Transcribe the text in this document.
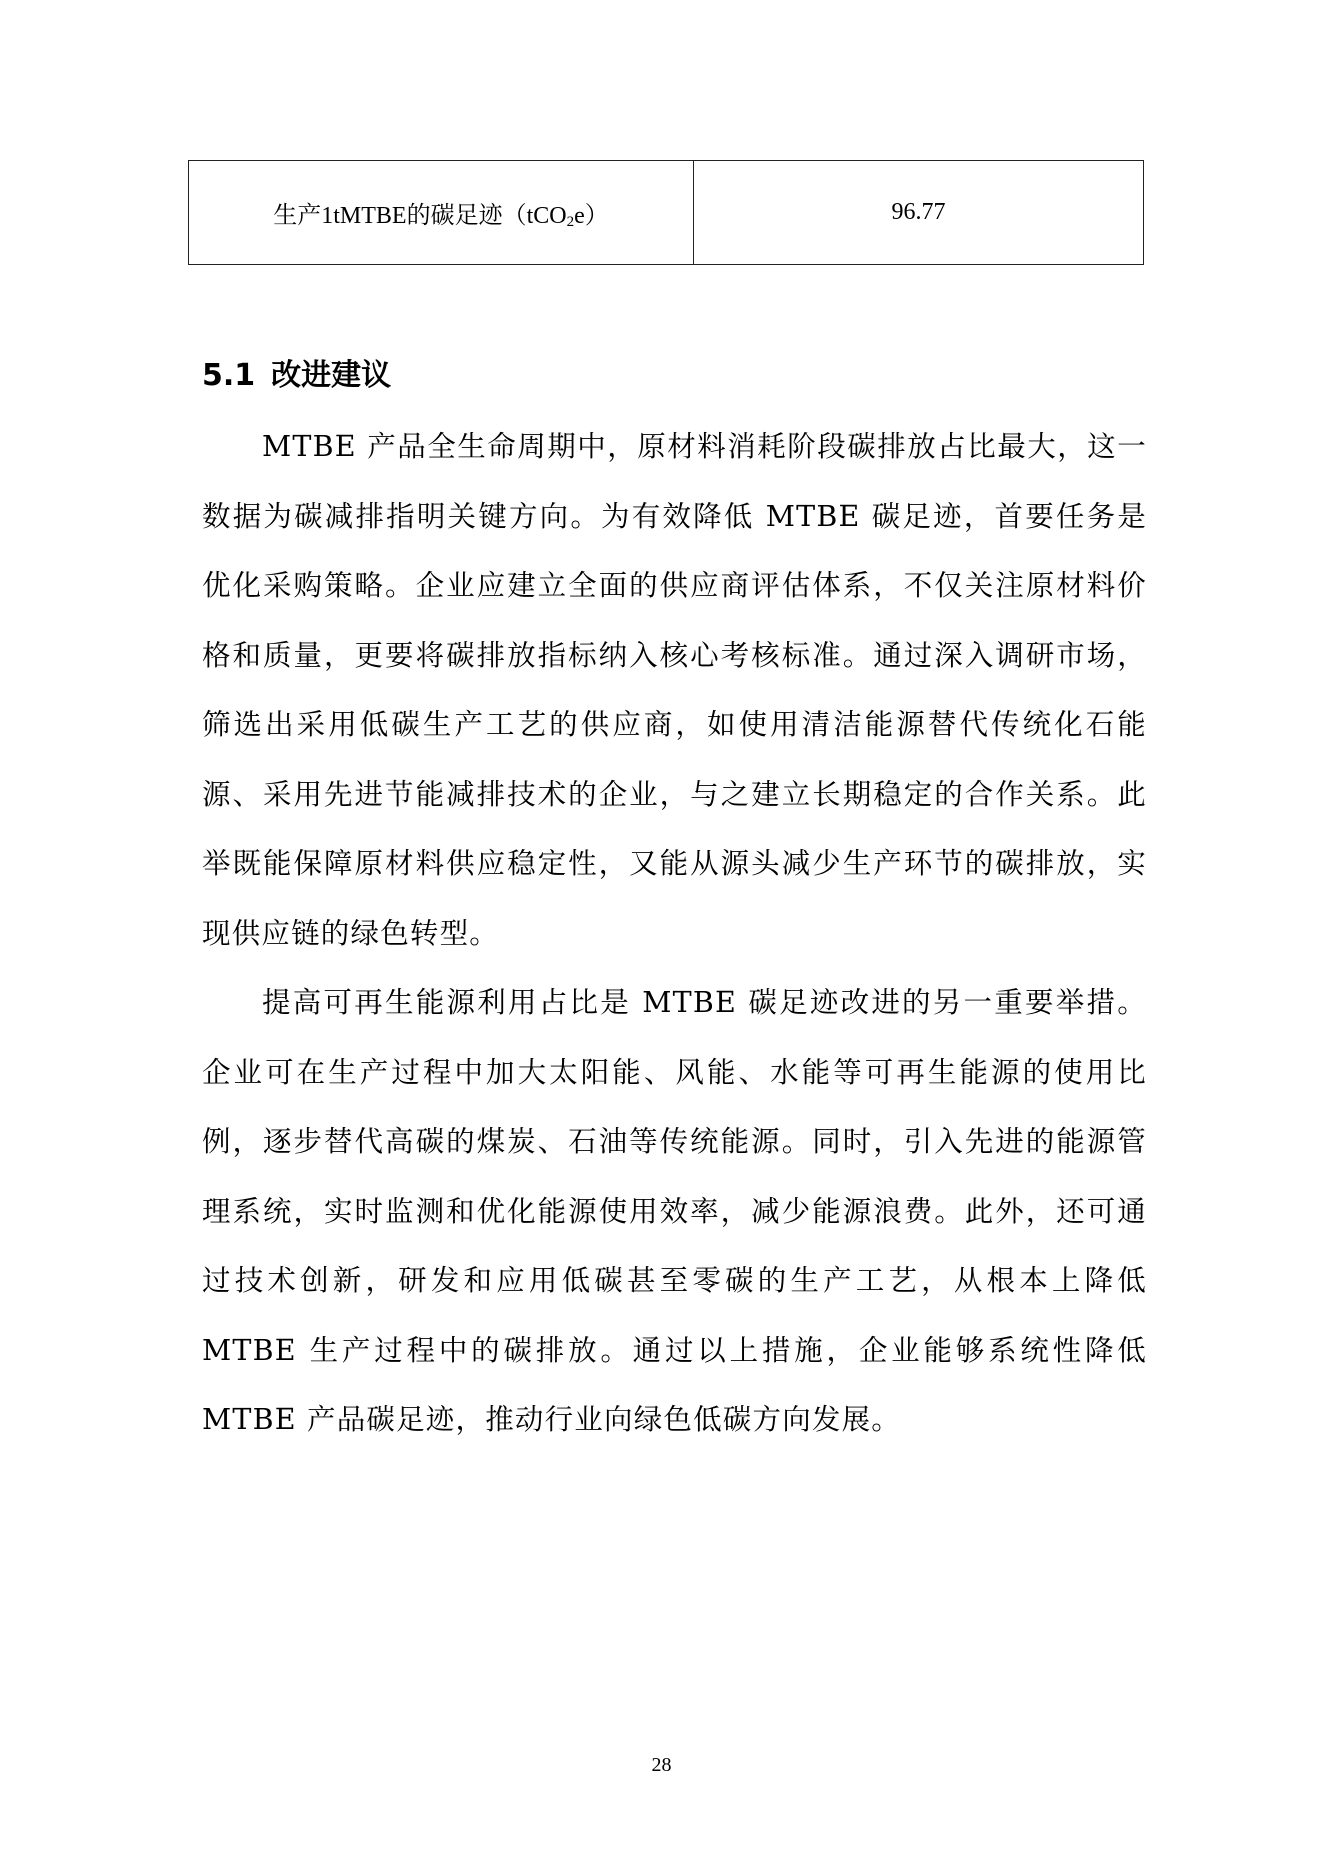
生产1tMTBE的碳足迹（tCO$_2$e）	96.77
5.1 改进建议

MTBE 产品全生命周期中，原材料消耗阶段碳排放占比最大，这一数据为碳减排指明关键方向。为有效降低 MTBE 碳足迹，首要任务是优化采购策略。企业应建立全面的供应商评估体系，不仅关注原材料价格和质量，更要将碳排放指标纳入核心考核标准。通过深入调研市场，筛选出采用低碳生产工艺的供应商，如使用清洁能源替代传统化石能源、采用先进节能减排技术的企业，与之建立长期稳定的合作关系。此举既能保障原材料供应稳定性，又能从源头减少生产环节的碳排放，实现供应链的绿色转型。

提高可再生能源利用占比是 MTBE 碳足迹改进的另一重要举措。企业可在生产过程中加大太阳能、风能、水能等可再生能源的使用比例，逐步替代高碳的煤炭、石油等传统能源。同时，引入先进的能源管理系统，实时监测和优化能源使用效率，减少能源浪费。此外，还可通过技术创新，研发和应用低碳甚至零碳的生产工艺，从根本上降低 MTBE 生产过程中的碳排放。通过以上措施，企业能够系统性降低 MTBE 产品碳足迹，推动行业向绿色低碳方向发展。

28
